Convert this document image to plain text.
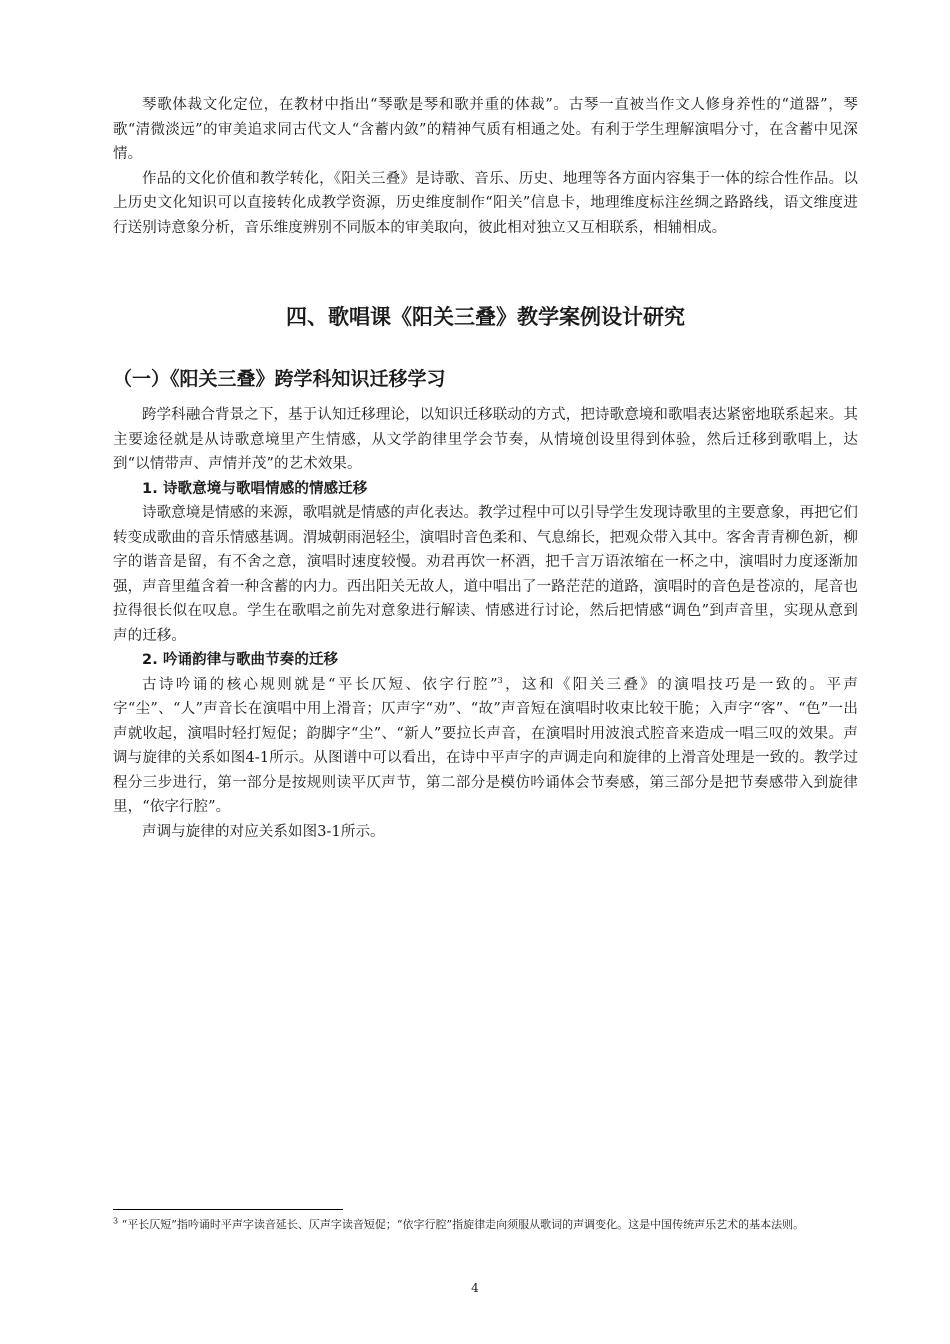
琴歌体裁文化定位，在教材中指出“琴歌是琴和歌并重的体裁”。古琴一直被当作文人修身养性的“道器”，琴歌“清微淡远”的审美追求同古代文人“含蓄内敛”的精神气质有相通之处。有利于学生理解演唱分寸，在含蓄中见深情。

作品的文化价值和教学转化，《阳关三叠》是诗歌、音乐、历史、地理等各方面内容集于一体的综合性作品。以上历史文化知识可以直接转化成教学资源，历史维度制作“阳关”信息卡，地理维度标注丝绸之路路线，语文维度进行送别诗意象分析，音乐维度辨别不同版本的审美取向，彼此相对独立又互相联系，相辅相成。

四、歌唱课《阳关三叠》教学案例设计研究
（一）《阳关三叠》跨学科知识迁移学习

跨学科融合背景之下，基于认知迁移理论，以知识迁移联动的方式，把诗歌意境和歌唱表达紧密地联系起来。其主要途径就是从诗歌意境里产生情感，从文学韵律里学会节奏，从情境创设里得到体验，然后迁移到歌唱上，达到“以情带声、声情并茂”的艺术效果。

1. 诗歌意境与歌唱情感的情感迁移

诗歌意境是情感的来源，歌唱就是情感的声化表达。教学过程中可以引导学生发现诗歌里的主要意象，再把它们转变成歌曲的音乐情感基调。渭城朝雨浥轻尘，演唱时音色柔和、气息绵长，把观众带入其中。客舍青青柳色新，柳字的谐音是留，有不舍之意，演唱时速度较慢。劝君再饮一杯酒，把千言万语浓缩在一杯之中，演唱时力度逐渐加强，声音里蕴含着一种含蓄的内力。西出阳关无故人，道中唱出了一路茫茫的道路，演唱时的音色是苍凉的，尾音也拉得很长似在叹息。学生在歌唱之前先对意象进行解读、情感进行讨论，然后把情感“调色”到声音里，实现从意到声的迁移。

2. 吟诵韵律与歌曲节奏的迁移

古诗吟诵的核心规则就是“平长仄短、依字行腔”$^3$，这和《阳关三叠》的演唱技巧是一致的。平声字“尘”、“人”声音长在演唱中用上滑音；仄声字“劝”、“故”声音短在演唱时收束比较干脆；入声字“客”、“色”一出声就收起，演唱时轻打短促；韵脚字“尘”、“新人”要拉长声音，在演唱时用波浪式腔音来造成一唱三叹的效果。声调与旋律的关系如图4-1所示。从图谱中可以看出，在诗中平声字的声调走向和旋律的上滑音处理是一致的。教学过程分三步进行，第一部分是按规则读平仄声节，第二部分是模仿吟诵体会节奏感，第三部分是把节奏感带入到旋律里，“依字行腔”。

声调与旋律的对应关系如图3-1所示。

$^3$ “平长仄短”指吟诵时平声字读音延长、仄声字读音短促；“依字行腔”指旋律走向须服从歌词的声调变化。这是中国传统声乐艺术的基本法则。

4
